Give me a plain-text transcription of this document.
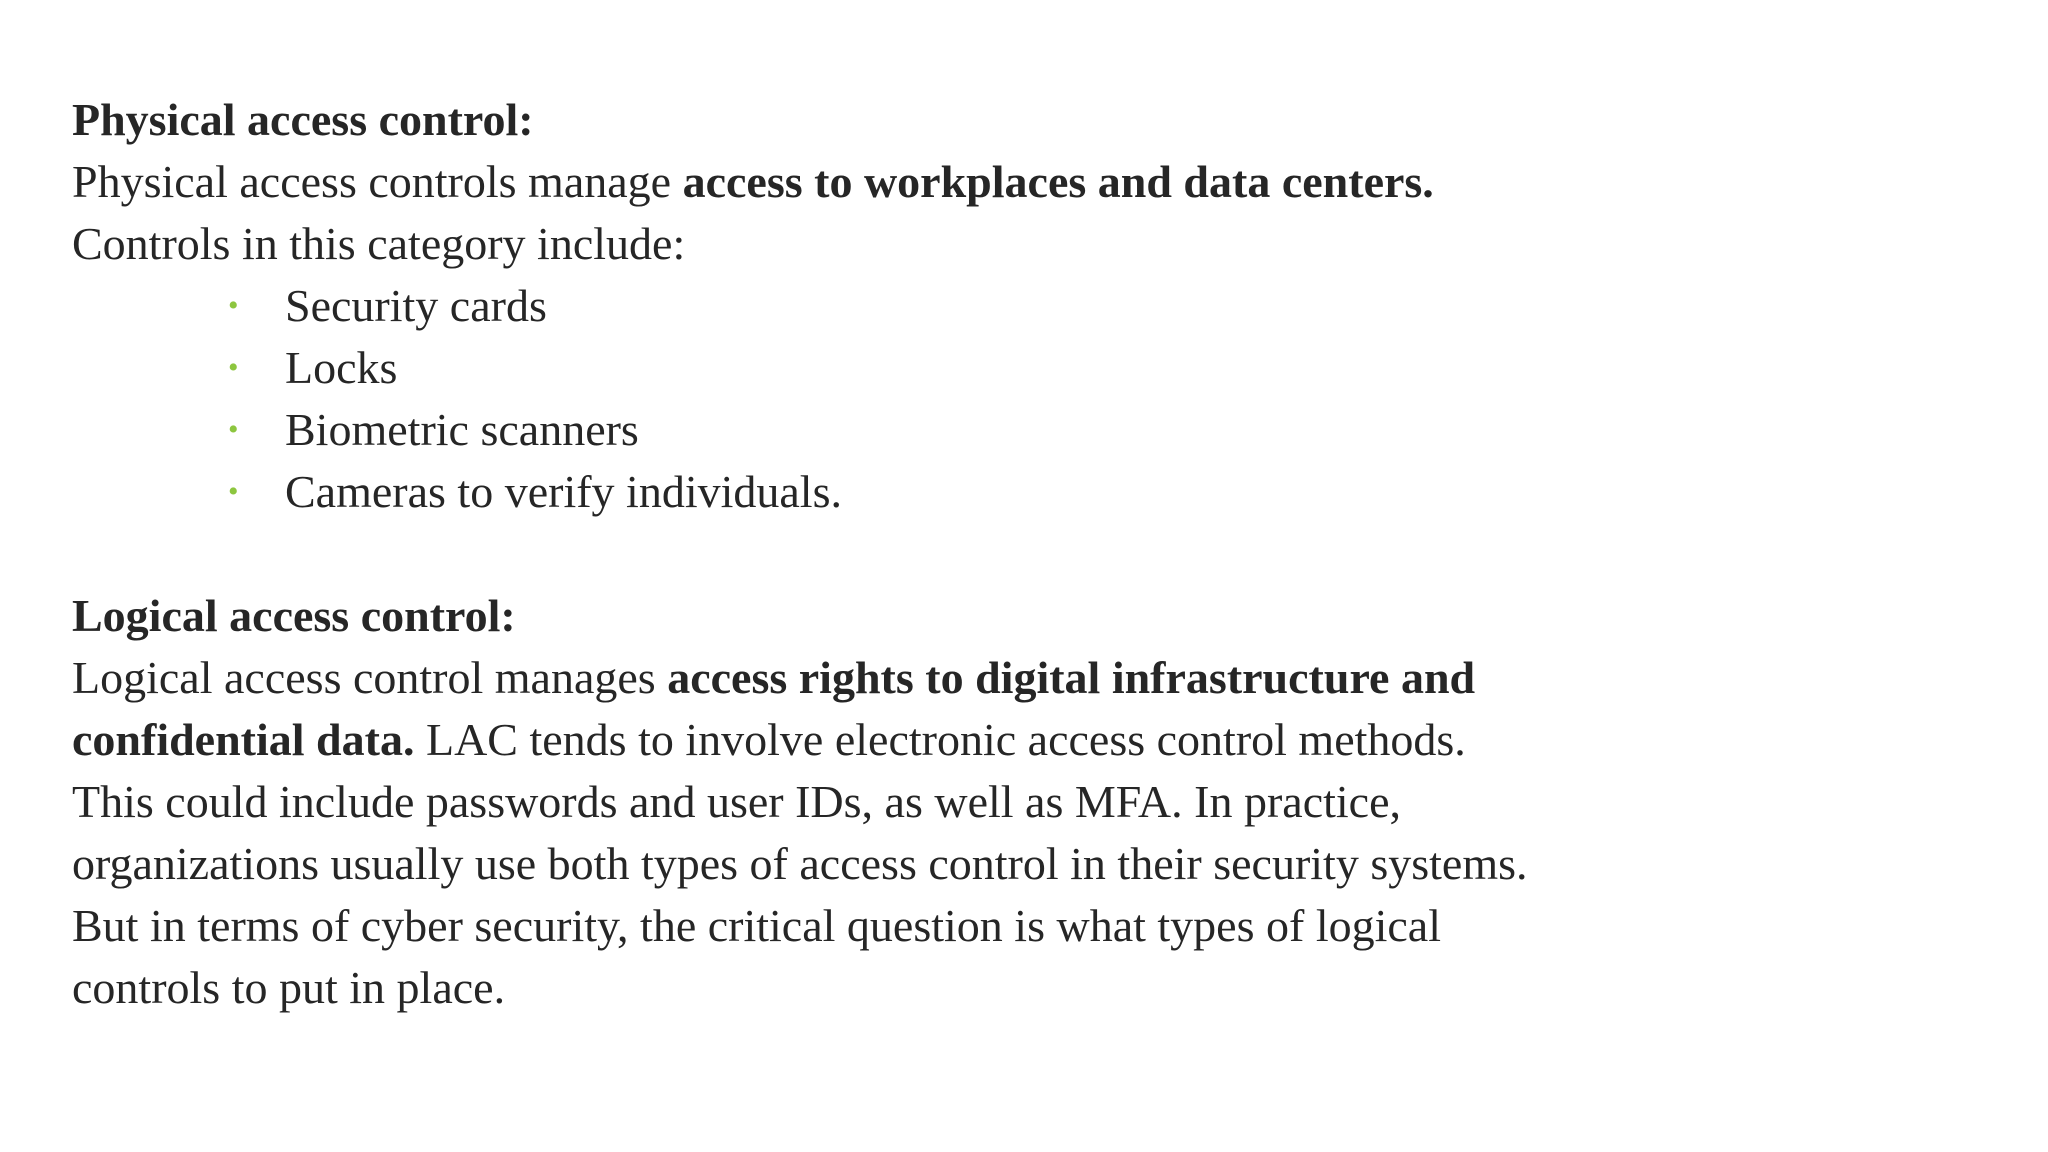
Physical access control:

Physical access controls manage access to workplaces and data centers. Controls in this category include:

• Security cards
• Locks
• Biometric scanners
• Cameras to verify individuals.

Logical access control:

Logical access control manages access rights to digital infrastructure and confidential data. LAC tends to involve electronic access control methods. This could include passwords and user IDs, as well as MFA. In practice, organizations usually use both types of access control in their security systems. But in terms of cyber security, the critical question is what types of logical controls to put in place.
